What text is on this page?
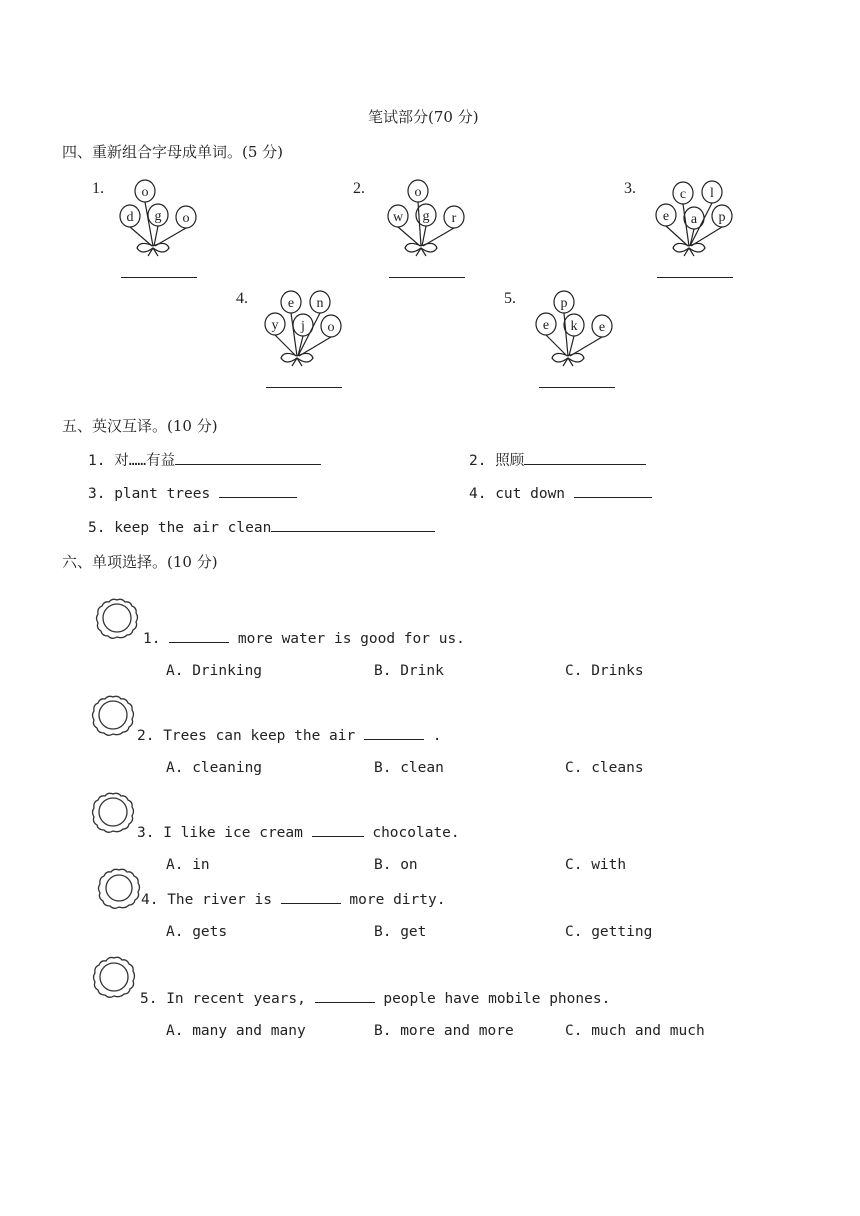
笔试部分(70 分)
四、重新组合字母成单词。(5 分)
1.	o
d g o
2.	o
w g r
3.	c l
e a p
4.	e n
y j o
5.	p
e k e
五、英汉互译。(10 分)
1. 对……有益	2. 照顾
3. plant trees	4. cut down
5. keep the air clean
六、单项选择。(10 分)
1.	more water is good for us.
A. Drinking	B. Drink	C. Drinks
2. Trees can keep the air	.
A. cleaning	B. clean	C. cleans
3. I like ice cream	chocolate.
A. in	B. on	C. with
4. The river is	more dirty.
A. gets	B. get	C. getting
5. In recent years,	people have mobile phones.
A. many and many	B. more and more	C. much and much
